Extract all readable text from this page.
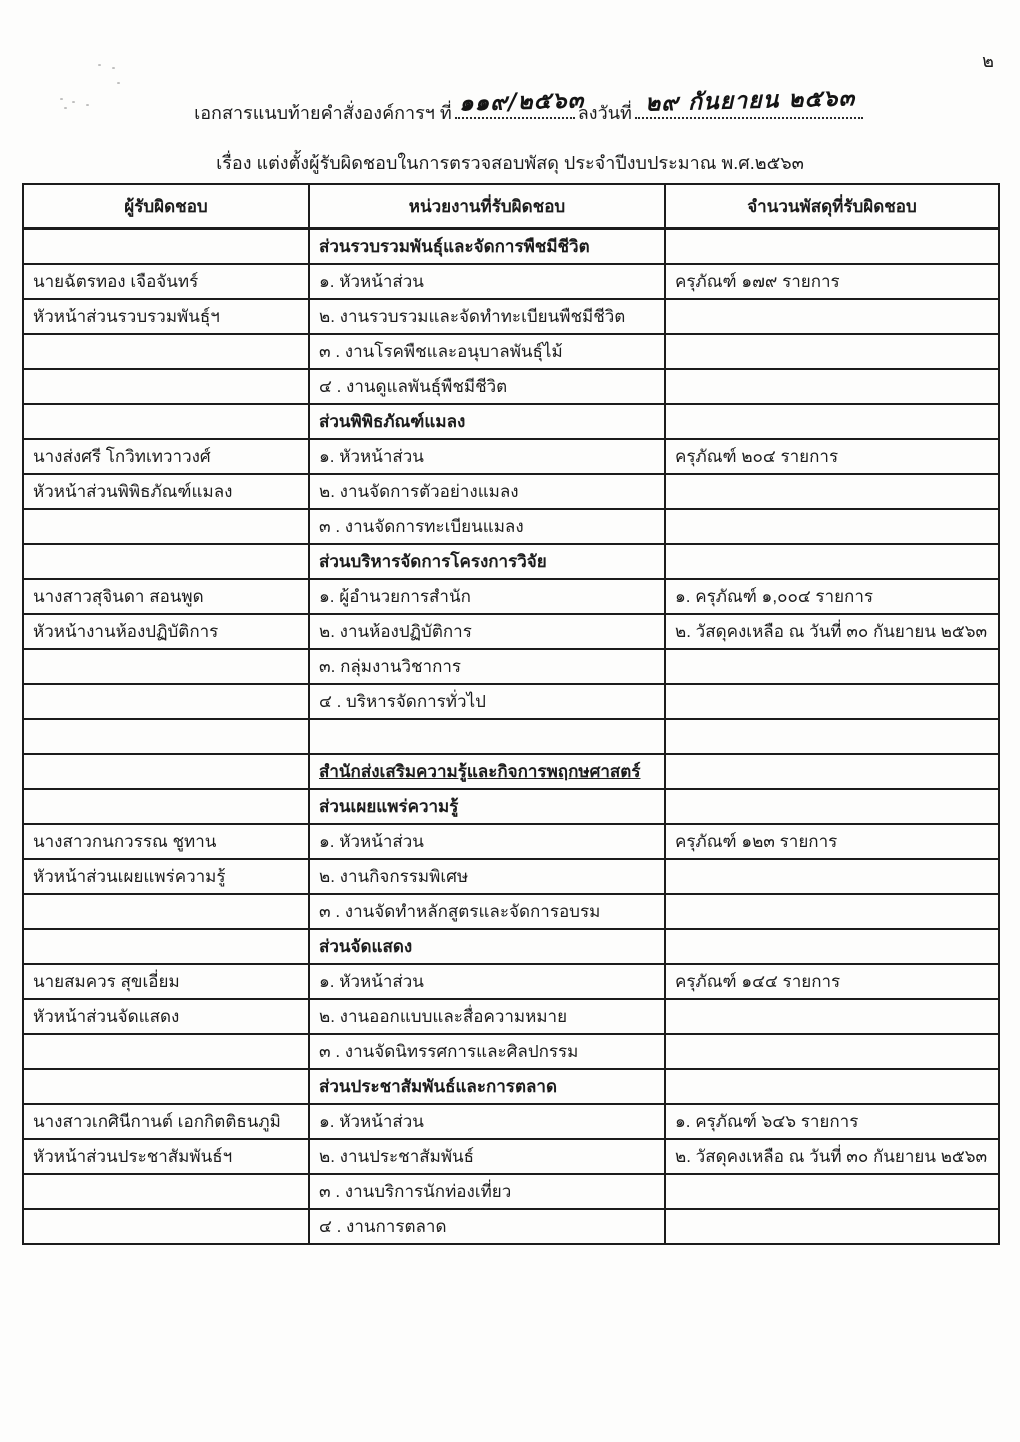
๒
เอกสารแนบท้ายคำสั่งองค์การฯ ที่ ๑๑๙/๒๕๖๓
ลงวันที่ ๒๙ กันยายน ๒๕๖๓
เรื่อง แต่งตั้งผู้รับผิดชอบในการตรวจสอบพัสดุ ประจำปีงบประมาณ พ.ศ.๒๕๖๓
ผู้รับผิดชอบ	หน่วยงานที่รับผิดชอบ	จำนวนพัสดุที่รับผิดชอบ
	ส่วนรวบรวมพันธุ์และจัดการพืชมีชีวิต	
นายฉัตรทอง เจือจันทร์	๑. หัวหน้าส่วน	ครุภัณฑ์ ๑๗๙ รายการ
หัวหน้าส่วนรวบรวมพันธุ์ฯ	๒. งานรวบรวมและจัดทำทะเบียนพืชมีชีวิต	
	๓ . งานโรคพืชและอนุบาลพันธุ์ไม้	
	๔ . งานดูแลพันธุ์พืชมีชีวิต	
	ส่วนพิพิธภัณฑ์แมลง	
นางส่งศรี โกวิทเทวาวงศ์	๑. หัวหน้าส่วน	ครุภัณฑ์ ๒๐๔ รายการ
หัวหน้าส่วนพิพิธภัณฑ์แมลง	๒. งานจัดการตัวอย่างแมลง	
	๓ . งานจัดการทะเบียนแมลง	
	ส่วนบริหารจัดการโครงการวิจัย	
นางสาวสุจินดา สอนพูด	๑. ผู้อำนวยการสำนัก	๑. ครุภัณฑ์ ๑,๐๐๔ รายการ
หัวหน้างานห้องปฏิบัติการ	๒. งานห้องปฏิบัติการ	๒. วัสดุคงเหลือ ณ วันที่ ๓๐ กันยายน ๒๕๖๓
	๓. กลุ่มงานวิชาการ	
	๔ . บริหารจัดการทั่วไป	

	สำนักส่งเสริมความรู้และกิจการพฤกษศาสตร์	
	ส่วนเผยแพร่ความรู้	
นางสาวกนกวรรณ ชูทาน	๑. หัวหน้าส่วน	ครุภัณฑ์ ๑๒๓ รายการ
หัวหน้าส่วนเผยแพร่ความรู้	๒. งานกิจกรรมพิเศษ	
	๓ . งานจัดทำหลักสูตรและจัดการอบรม	
	ส่วนจัดแสดง	
นายสมควร สุขเอี่ยม	๑. หัวหน้าส่วน	ครุภัณฑ์ ๑๔๔ รายการ
หัวหน้าส่วนจัดแสดง	๒. งานออกแบบและสื่อความหมาย	
	๓ . งานจัดนิทรรศการและศิลปกรรม	
	ส่วนประชาสัมพันธ์และการตลาด	
นางสาวเกศินีกานต์ เอกกิตติธนภูมิ	๑. หัวหน้าส่วน	๑. ครุภัณฑ์ ๖๔๖ รายการ
หัวหน้าส่วนประชาสัมพันธ์ฯ	๒. งานประชาสัมพันธ์	๒. วัสดุคงเหลือ ณ วันที่ ๓๐ กันยายน ๒๕๖๓
	๓ . งานบริการนักท่องเที่ยว	
	๔ . งานการตลาด	
